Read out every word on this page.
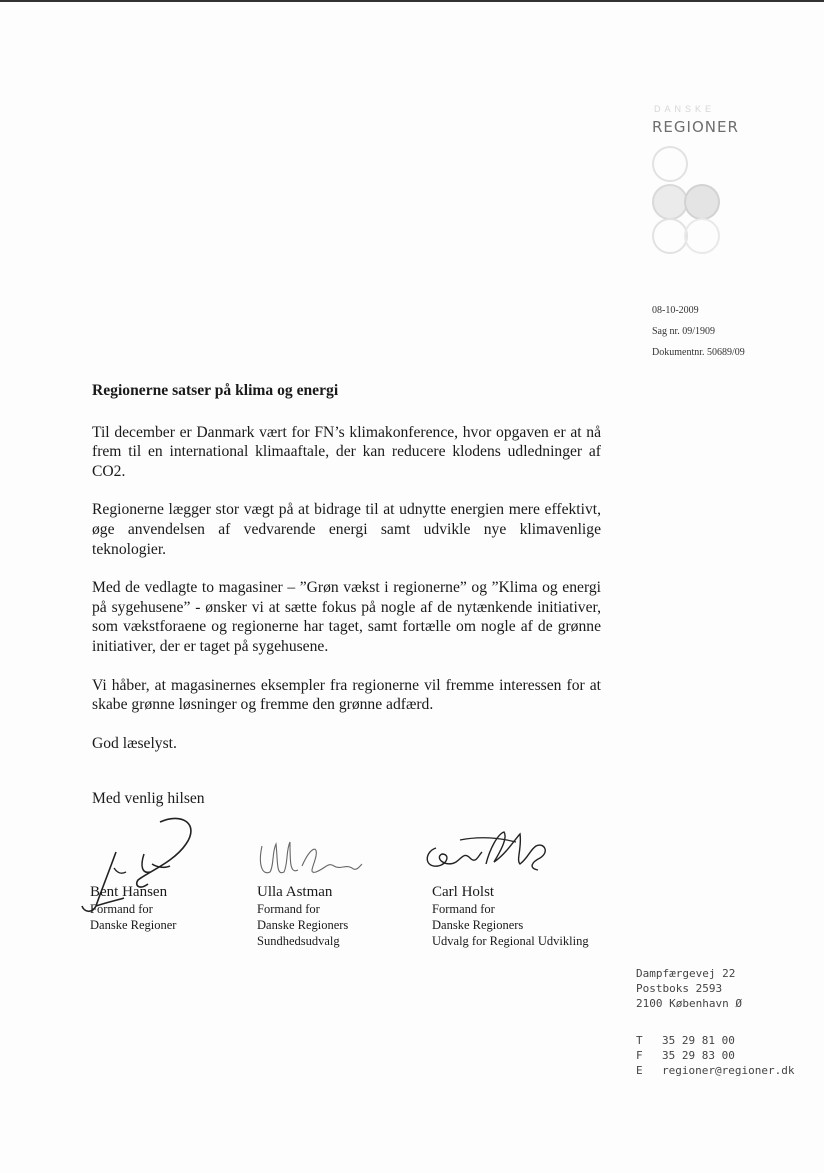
DANSKE
REGIONER
08-10-2009
Sag nr. 09/1909
Dokumentnr. 50689/09

Regionerne satser på klima og energi

Til december er Danmark vært for FN’s klimakonference, hvor opgaven er at nå frem til en international klimaaftale, der kan reducere klodens udledninger af CO2.

Regionerne lægger stor vægt på at bidrage til at udnytte energien mere effektivt, øge anvendelsen af vedvarende energi samt udvikle nye klimavenlige teknologier.

Med de vedlagte to magasiner – ”Grøn vækst i regionerne” og ”Klima og energi på sygehusene” - ønsker vi at sætte fokus på nogle af de nytænkende initiativer, som vækstforaene og regionerne har taget, samt fortælle om nogle af de grønne initiativer, der er taget på sygehusene.

Vi håber, at magasinernes eksempler fra regionerne vil fremme interessen for at skabe grønne løsninger og fremme den grønne adfærd.

God læselyst.

Med venlig hilsen

Bent Hansen
Formand for
Danske Regioner
Ulla Astman
Formand for
Danske Regioners
Sundhedsudvalg
Carl Holst
Formand for
Danske Regioners
Udvalg for Regional Udvikling
Dampfærgevej 22
Postboks 2593
2100 København Ø
T 35 29 81 00
F 35 29 83 00
E regioner@regioner.dk
